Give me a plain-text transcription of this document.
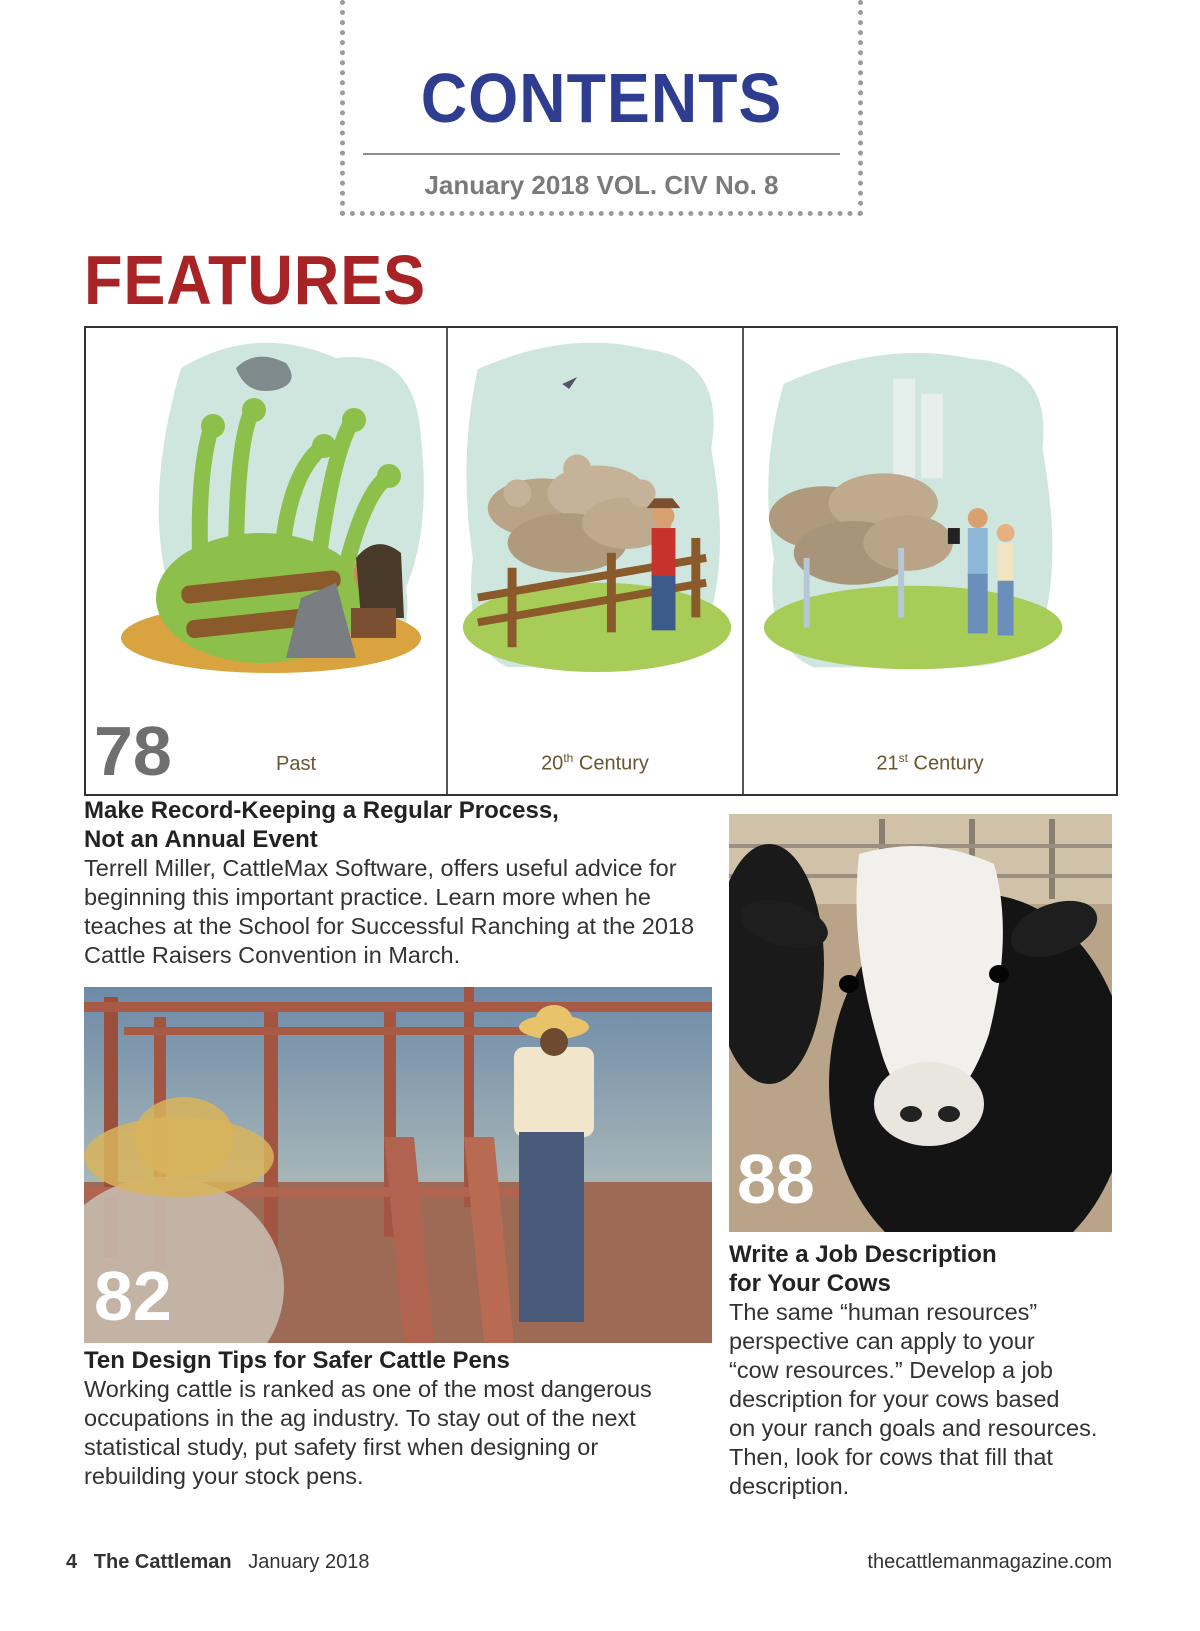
CONTENTS
January 2018 VOL. CIV No. 8
FEATURES
Past
78	20th Century	21st Century
Make Record-Keeping a Regular Process,
Not an Annual Event
Terrell Miller, CattleMax Software, offers useful advice for
beginning this important practice. Learn more when he
teaches at the School for Successful Ranching at the 2018
Cattle Raisers Convention in March.
82
Ten Design Tips for Safer Cattle Pens
Working cattle is ranked as one of the most dangerous
occupations in the ag industry. To stay out of the next
statistical study, put safety first when designing or
rebuilding your stock pens.
88
Write a Job Description
for Your Cows
The same “human resources”
perspective can apply to your
“cow resources.” Develop a job
description for your cows based
on your ranch goals and resources.
Then, look for cows that fill that
description.
4 The Cattleman January 2018	thecattlemanmagazine.com
